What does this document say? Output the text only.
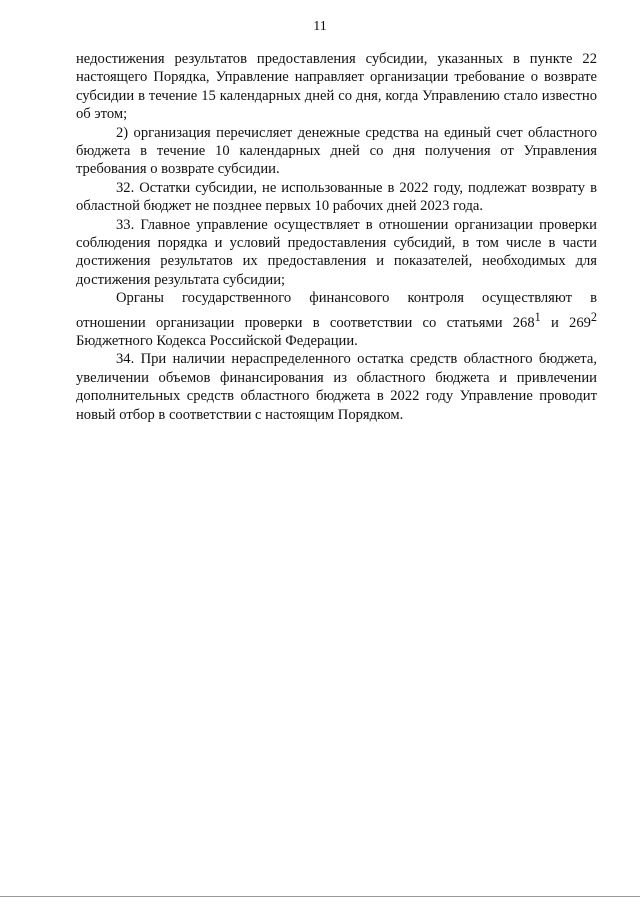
11

недостижения результатов предоставления субсидии, указанных в пункте 22 настоящего Порядка, Управление направляет организации требование о возврате субсидии в течение 15 календарных дней со дня, когда Управлению стало известно об этом;

2) организация перечисляет денежные средства на единый счет областного бюджета в течение 10 календарных дней со дня получения от Управления требования о возврате субсидии.

32. Остатки субсидии, не использованные в 2022 году, подлежат возврату в областной бюджет не позднее первых 10 рабочих дней 2023 года.

33. Главное управление осуществляет в отношении организации проверки соблюдения порядка и условий предоставления субсидий, в том числе в части достижения результатов их предоставления и показателей, необходимых для достижения результата субсидии;

Органы государственного финансового контроля осуществляют в отношении организации проверки в соответствии со статьями $268^1$ и $269^2$ Бюджетного Кодекса Российской Федерации.

34. При наличии нераспределенного остатка средств областного бюджета, увеличении объемов финансирования из областного бюджета и привлечении дополнительных средств областного бюджета в 2022 году Управление проводит новый отбор в соответствии с настоящим Порядком.
